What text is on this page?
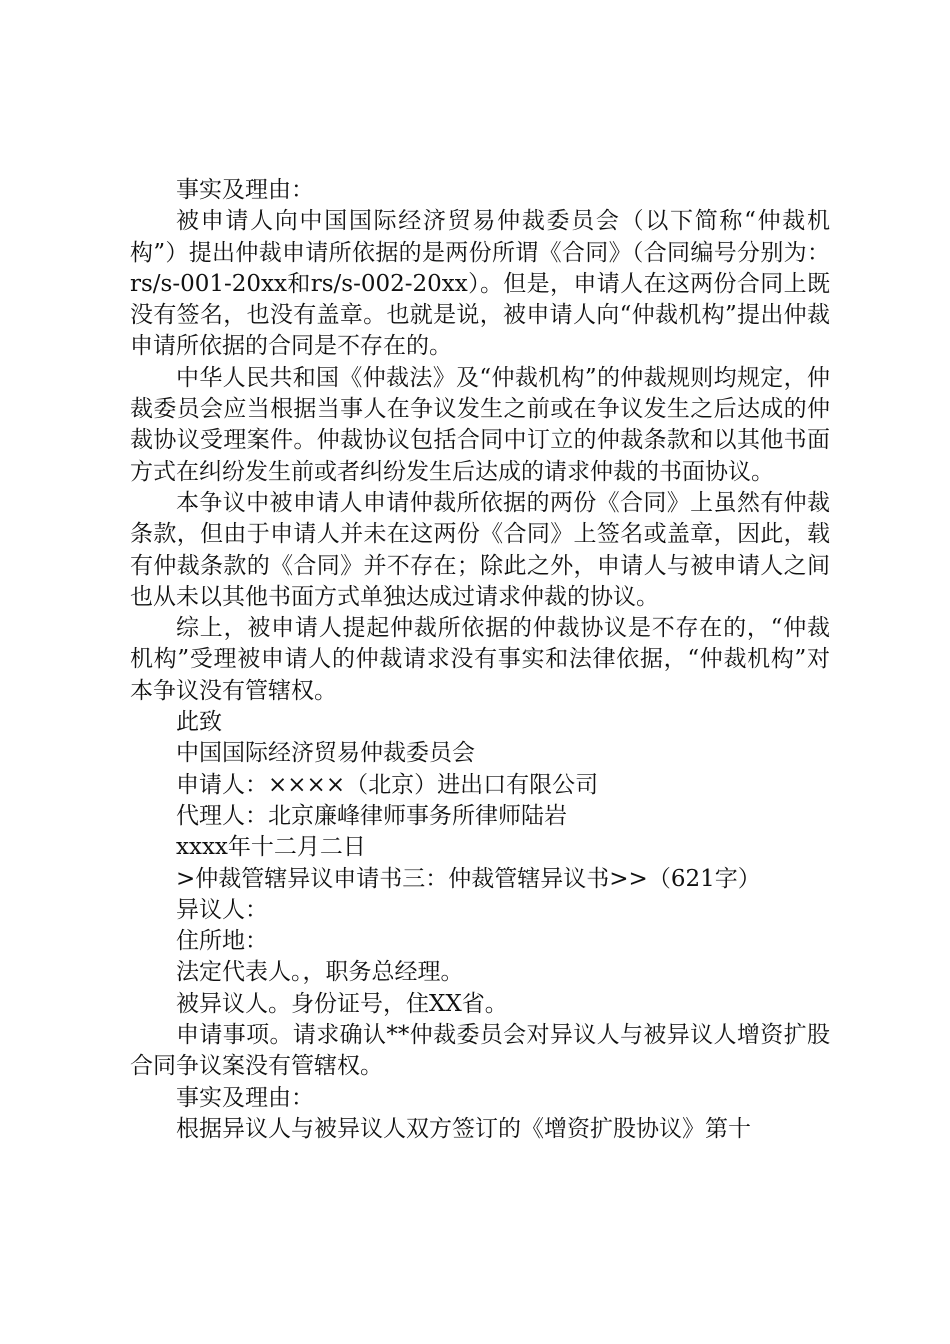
事实及理由：

被申请人向中国国际经济贸易仲裁委员会（以下简称“仲裁机构”）提出仲裁申请所依据的是两份所谓《合同》（合同编号分别为：rs/s-001-20xx和rs/s-002-20xx）。但是，申请人在这两份合同上既没有签名，也没有盖章。也就是说，被申请人向“仲裁机构”提出仲裁申请所依据的合同是不存在的。

中华人民共和国《仲裁法》及“仲裁机构”的仲裁规则均规定，仲裁委员会应当根据当事人在争议发生之前或在争议发生之后达成的仲裁协议受理案件。仲裁协议包括合同中订立的仲裁条款和以其他书面方式在纠纷发生前或者纠纷发生后达成的请求仲裁的书面协议。

本争议中被申请人申请仲裁所依据的两份《合同》上虽然有仲裁条款，但由于申请人并未在这两份《合同》上签名或盖章，因此，载有仲裁条款的《合同》并不存在；除此之外，申请人与被申请人之间也从未以其他书面方式单独达成过请求仲裁的协议。

综上，被申请人提起仲裁所依据的仲裁协议是不存在的，“仲裁机构”受理被申请人的仲裁请求没有事实和法律依据，“仲裁机构”对本争议没有管辖权。

此致

中国国际经济贸易仲裁委员会

申请人：××××（北京）进出口有限公司

代理人：北京廉峰律师事务所律师陆岩

xxxx年十二月二日

>仲裁管辖异议申请书三：仲裁管辖异议书>>（621字）

异议人：

住所地：

法定代表人。，职务总经理。

被异议人。身份证号，住XX省。

申请事项。请求确认**仲裁委员会对异议人与被异议人增资扩股合同争议案没有管辖权。

事实及理由：

根据异议人与被异议人双方签订的《增资扩股协议》第十
